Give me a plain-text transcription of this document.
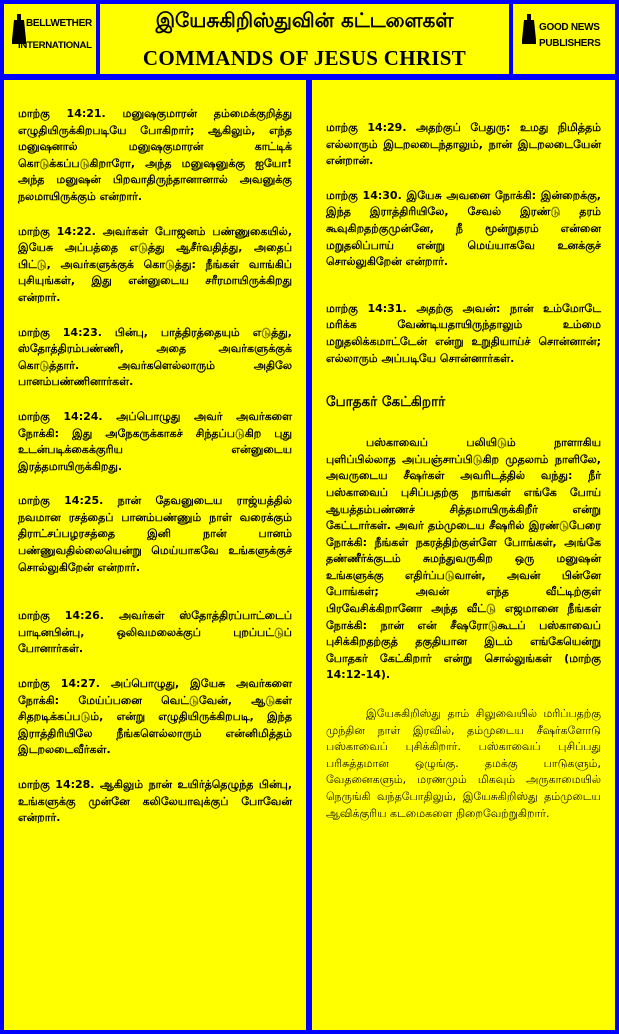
BELLWETHER
INTERNATIONAL
இயேசுகிறிஸ்துவின் கட்டளைகள்
COMMANDS OF JESUS CHRIST
GOOD NEWS
PUBLISHERS

மாற்கு 14:21. மனுஷகுமாரன் தம்மைக்குறித்து எழுதியிருக்கிறபடியே போகிறார்; ஆகிலும், எந்த மனுஷனால் மனுஷகுமாரன் காட்டிக் கொடுக்கப்படுகிறாரோ, அந்த மனுஷனுக்கு ஐயோ! அந்த மனுஷன் பிறவாதிருந்தானானால் அவனுக்கு நலமாயிருக்கும் என்றார்.

மாற்கு 14:22. அவர்கள் போஜனம் பண்ணுகையில், இயேசு அப்பத்தை எடுத்து ஆசீர்வதித்து, அதைப் பிட்டு, அவர்களுக்குக் கொடுத்து: நீங்கள் வாங்கிப் புசியுங்கள், இது என்னுடைய சரீரமாயிருக்கிறது என்றார்.

மாற்கு 14:23. பின்பு, பாத்திரத்தையும் எடுத்து, ஸ்தோத்திரம்பண்ணி, அதை அவர்களுக்குக் கொடுத்தார். அவர்களெல்லாரும் அதிலே பானம்பண்ணினார்கள்.

மாற்கு 14:24. அப்பொழுது அவர் அவர்களை நோக்கி: இது அநேகருக்காகச் சிந்தப்படுகிற புது உடன்படிக்கைக்குரிய என்னுடைய இரத்தமாயிருக்கிறது.

மாற்கு 14:25. நான் தேவனுடைய ராஜ்யத்தில் நவமான ரசத்தைப் பானம்பண்ணும் நாள் வரைக்கும் திராட்சப்பழரசத்தை இனி நான் பானம் பண்ணுவதில்லையென்று மெய்யாகவே உங்களுக்குச் சொல்லுகிறேன் என்றார்.

மாற்கு 14:26. அவர்கள் ஸ்தோத்திரப்பாட்டைப் பாடினபின்பு, ஒலிவமலைக்குப் புறப்பட்டுப் போனார்கள்.

மாற்கு 14:27. அப்பொழுது, இயேசு அவர்களை நோக்கி: மேய்ப்பனை வெட்டுவேன், ஆடுகள் சிதறடிக்கப்படும், என்று எழுதியிருக்கிறபடி, இந்த இராத்திரியிலே நீங்களெல்லாரும் என்னிமித்தம் இடறலடைவீர்கள்.

மாற்கு 14:28. ஆகிலும் நான் உயிர்த்தெழுந்த பின்பு, உங்களுக்கு முன்னே கலிலேயாவுக்குப் போவேன் என்றார்.

மாற்கு 14:29. அதற்குப் பேதுரு: உமது நிமித்தம் எல்லாரும் இடறலடைந்தாலும், நான் இடறலடையேன் என்றான்.

மாற்கு 14:30. இயேசு அவனை நோக்கி: இன்றைக்கு, இந்த இராத்திரியிலே, சேவல் இரண்டு தரம் கூவுகிறதற்குமுன்னே, நீ மூன்றுதரம் என்னை மறுதலிப்பாய் என்று மெய்யாகவே உனக்குச் சொல்லுகிறேன் என்றார்.

மாற்கு 14:31. அதற்கு அவன்: நான் உம்மோடே மரிக்க வேண்டியதாயிருந்தாலும் உம்மை மறுதலிக்கமாட்டேன் என்று உறுதியாய்ச் சொன்னான்; எல்லாரும் அப்படியே சொன்னார்கள்.

போதகர் கேட்கிறார்

பஸ்காவைப் பலியிடும் நாளாகிய புளிப்பில்லாத அப்பஞ்சாப்பிடுகிற முதலாம் நாளிலே, அவருடைய சீஷர்கள் அவரிடத்தில் வந்து: நீர் பஸ்காவைப் புசிப்பதற்கு நாங்கள் எங்கே போய் ஆயத்தம்பண்ணச் சித்தமாயிருக்கிறீர் என்று கேட்டார்கள். அவர் தம்முடைய சீஷரில் இரண்டுபேரை நோக்கி: நீங்கள் நகரத்திற்குள்ளே போங்கள், அங்கே தண்ணீர்க்குடம் சுமந்துவருகிற ஒரு மனுஷன் உங்களுக்கு எதிர்ப்படுவான், அவன் பின்னே போங்கள்; அவன் எந்த வீட்டிற்குள் பிரவேசிக்கிறானோ அந்த வீட்டு எஜமானை நீங்கள் நோக்கி: நான் என் சீஷரோடுகூடப் பஸ்காவைப் புசிக்கிறதற்குத் தகுதியான இடம் எங்கேயென்று போதகர் கேட்கிறார் என்று சொல்லுங்கள் (மாற்கு 14:12-14).

இயேசுகிறிஸ்து தாம் சிலுவையில் மரிப்பதற்கு முந்தின நாள் இரவில், தம்முடைய சீஷர்களோடு பஸ்காவைப் புசிக்கிறார். பஸ்காவைப் புசிப்பது பரிசுத்தமான ஒழுங்கு. தமக்கு பாடுகளும், வேதனைகளும், மரணமும் மிகவும் அருகாமையில் நெருங்கி வந்தபோதிலும், இயேசுகிறிஸ்து தம்முடைய ஆவிக்குரிய கடமைகளை நிறைவேற்றுகிறார்.
